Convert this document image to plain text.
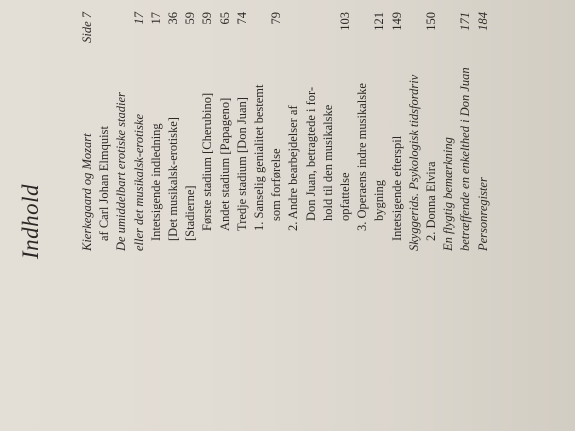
Indhold	Kierkegaard og Mozart
Side 7
af Carl Johan Elmquist De umiddelbart erotiske stadier eller det musikalsk-erotiske
17
Intetsigende indledning
17
[Det musikalsk-erotiske]
36
[Stadierne]
59
Første stadium [Cherubino]
59
Andet stadium [Papageno]
65
Tredje stadium [Don Juan]
74
1. Sanselig genialitet bestemt som forførelse
79
2. Andre bearbejdelser af Don Juan, betragtede i for- hold til den musikalske opfattelse
103
3. Operaens indre musikalske bygning
121
Intetsigende efterspil
149
Skyggerids. Psykologisk tidsfordriv 2. Donna Elvira
150
En flygtig bemærkning betræffende en enkelthed i Don Juan
171
Personregister
184
